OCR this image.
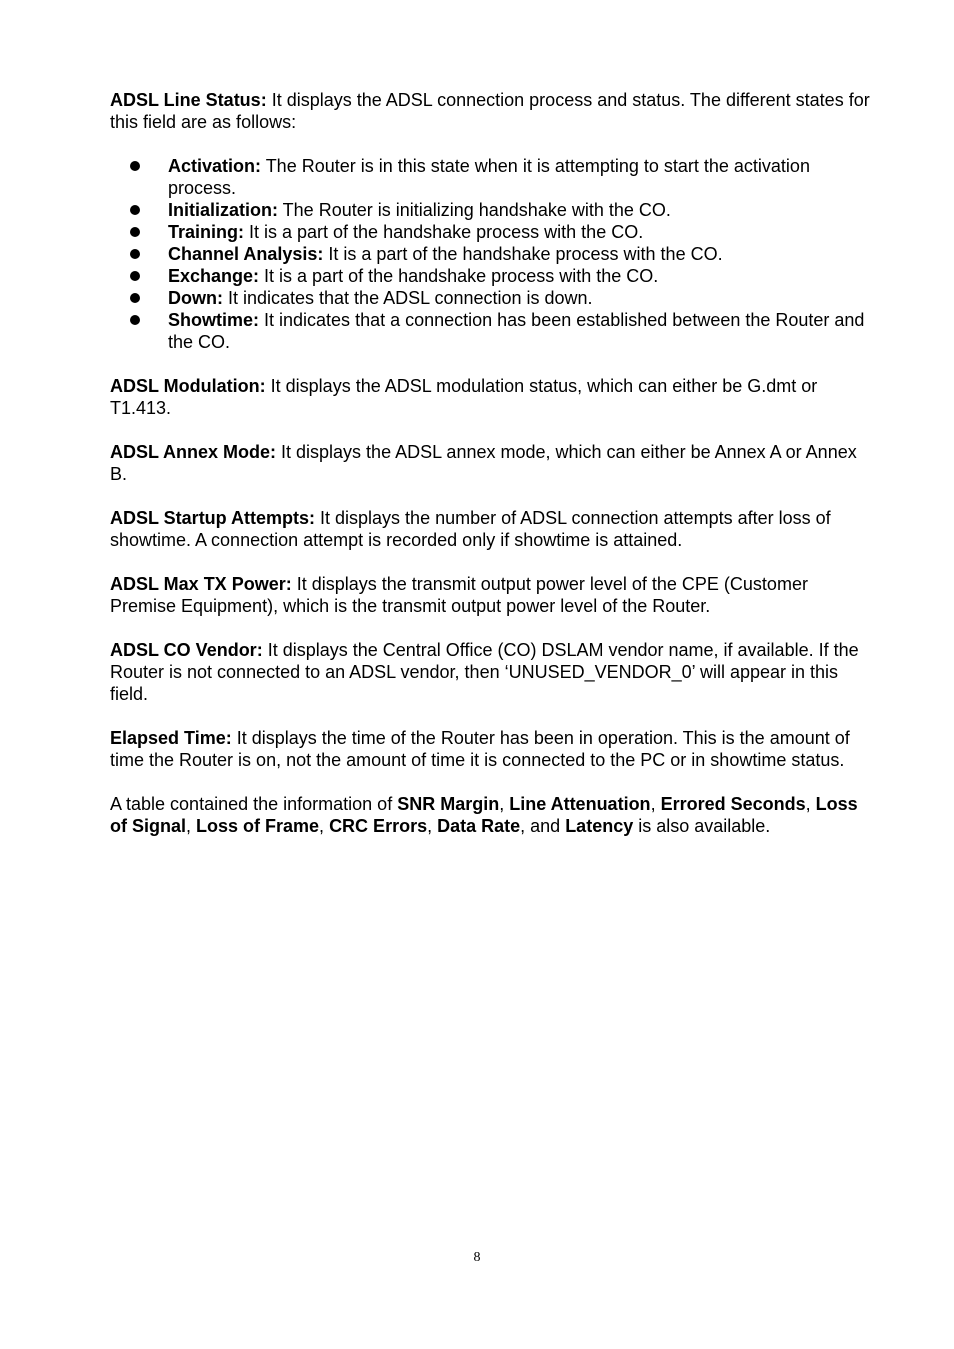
ADSL Line Status: It displays the ADSL connection process and status. The different states for this field are as follows:

Activation: The Router is in this state when it is attempting to start the activation process.
Initialization: The Router is initializing handshake with the CO.
Training: It is a part of the handshake process with the CO.
Channel Analysis: It is a part of the handshake process with the CO.
Exchange: It is a part of the handshake process with the CO.
Down: It indicates that the ADSL connection is down.
Showtime: It indicates that a connection has been established between the Router and the CO.

ADSL Modulation: It displays the ADSL modulation status, which can either be G.dmt or T1.413.

ADSL Annex Mode: It displays the ADSL annex mode, which can either be Annex A or Annex B.

ADSL Startup Attempts: It displays the number of ADSL connection attempts after loss of showtime. A connection attempt is recorded only if showtime is attained.

ADSL Max TX Power: It displays the transmit output power level of the CPE (Customer Premise Equipment), which is the transmit output power level of the Router.

ADSL CO Vendor: It displays the Central Office (CO) DSLAM vendor name, if available. If the Router is not connected to an ADSL vendor, then ‘UNUSED_VENDOR_0’ will appear in this field.

Elapsed Time: It displays the time of the Router has been in operation. This is the amount of time the Router is on, not the amount of time it is connected to the PC or in showtime status.

A table contained the information of SNR Margin, Line Attenuation, Errored Seconds, Loss of Signal, Loss of Frame, CRC Errors, Data Rate, and Latency is also available.

8
